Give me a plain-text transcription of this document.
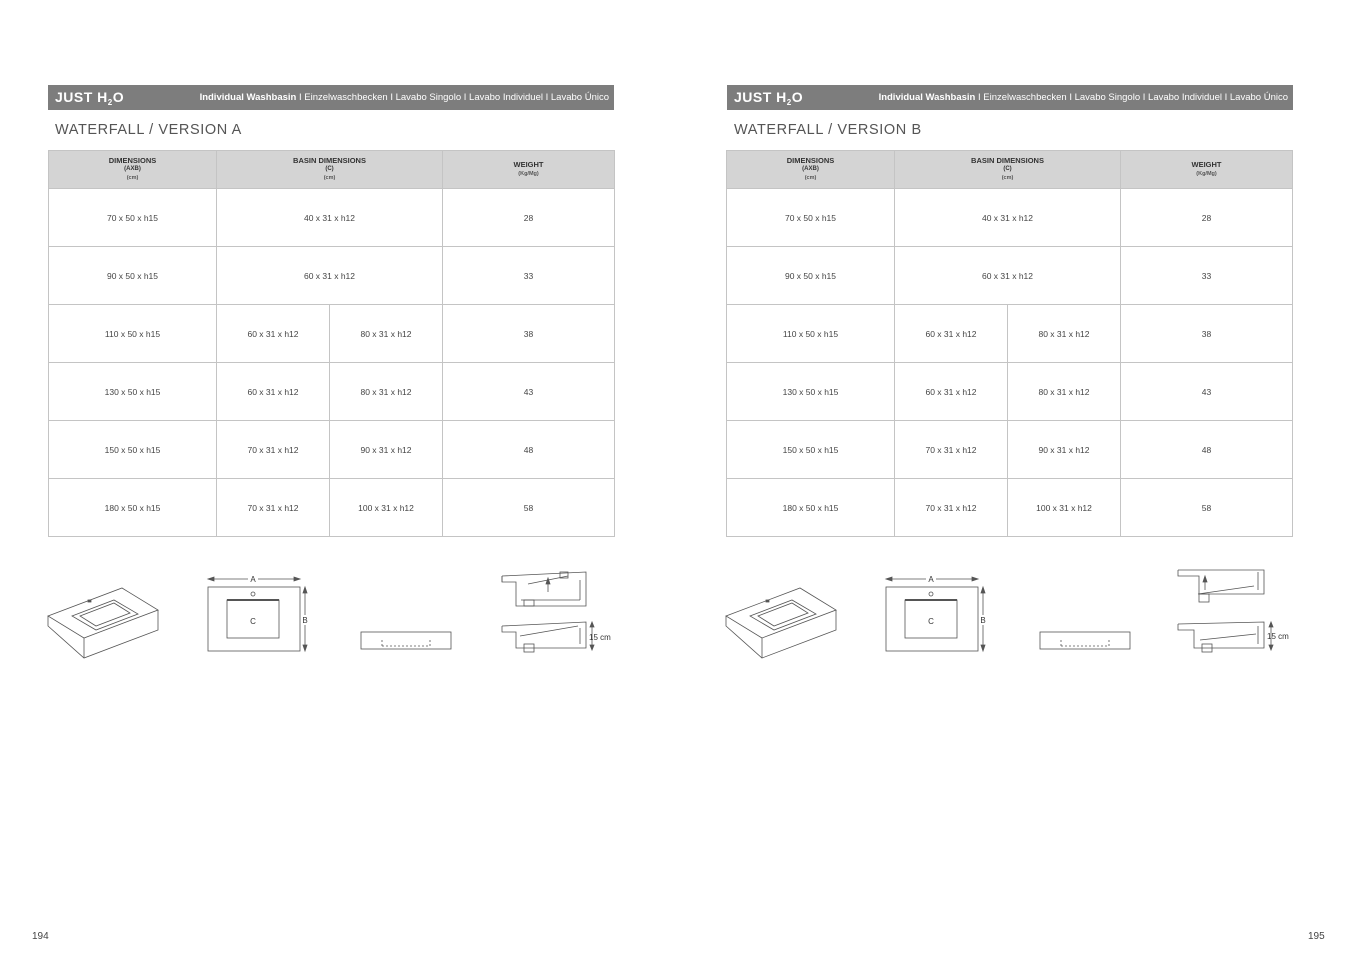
JUST $H_2O$	Individual Washbasin I Einzelwaschbecken I Lavabo Singolo I Lavabo Individuel I Lavabo Único
WATERFALL / VERSION A
DIMENSIONS
(AXB)
(cm)	BASIN DIMENSIONS
(C)
(cm)		WEIGHT
(Kg/Mg)

70 x 50 x h15	40 x 31 x h12		28
90 x 50 x h15	60 x 31 x h12		33
110 x 50 x h15	60 x 31 x h12	80 x 31 x h12	38
130 x 50 x h15	60 x 31 x h12	80 x 31 x h12	43
150 x 50 x h15	70 x 31 x h12	90 x 31 x h12	48
180 x 50 x h15	70 x 31 x h12	100 x 31 x h12	58
A
B
C
15 cm
194
JUST $H_2O$	Individual Washbasin I Einzelwaschbecken I Lavabo Singolo I Lavabo Individuel I Lavabo Único
WATERFALL / VERSION B
DIMENSIONS
(AXB)
(cm)	BASIN DIMENSIONS
(C)
(cm)		WEIGHT
(Kg/Mg)

70 x 50 x h15	40 x 31 x h12		28
90 x 50 x h15	60 x 31 x h12		33
110 x 50 x h15	60 x 31 x h12	80 x 31 x h12	38
130 x 50 x h15	60 x 31 x h12	80 x 31 x h12	43
150 x 50 x h15	70 x 31 x h12	90 x 31 x h12	48
180 x 50 x h15	70 x 31 x h12	100 x 31 x h12	58
A
B
C
15 cm
195
